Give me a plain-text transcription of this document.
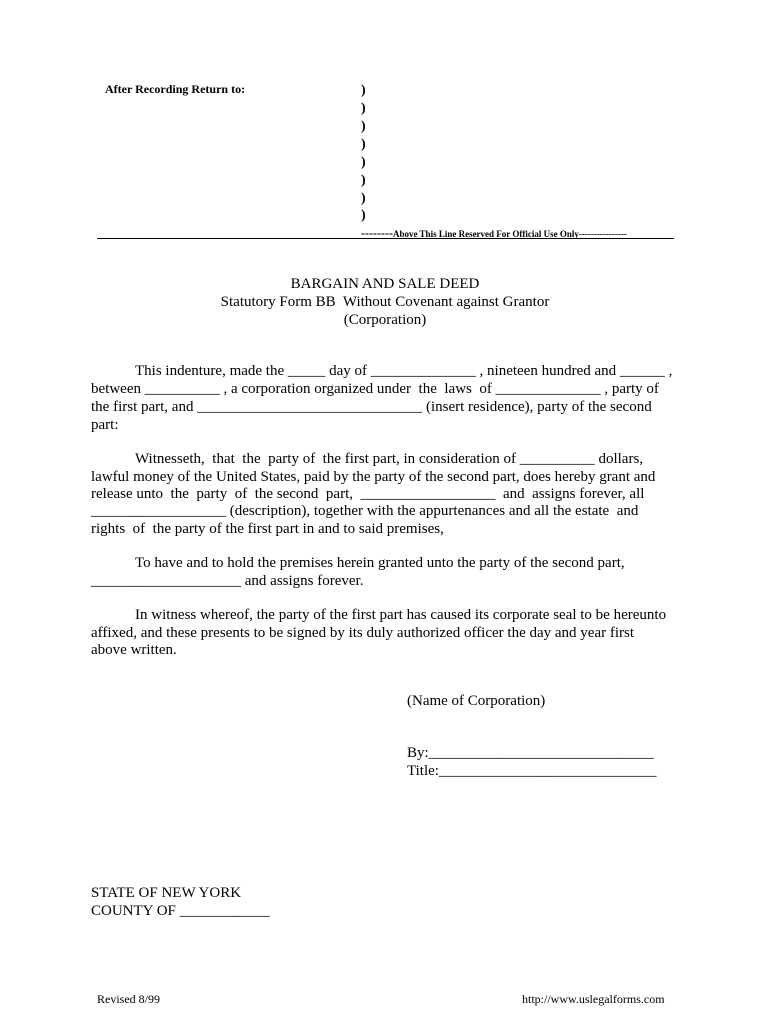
After Recording Return to:	)
)
)
)
)
)
)
)
--------Above This Line Reserved For Official Use Only----------------
BARGAIN AND SALE DEED
Statutory Form BB  Without Covenant against Grantor
(Corporation)
This indenture, made the _____ day of ______________ , nineteen hundred and ______ ,
between __________ , a corporation organized under  the  laws  of ______________ , party of
the first part, and ______________________________ (insert residence), party of the second
part:
Witnesseth,  that  the  party of  the first part, in consideration of __________ dollars,
lawful money of the United States, paid by the party of the second part, does hereby grant and
release unto  the  party  of  the second  part,  __________________  and  assigns forever, all
__________________ (description), together with the appurtenances and all the estate  and
rights  of  the party of the first part in and to said premises,
To have and to hold the premises herein granted unto the party of the second part,
____________________ and assigns forever.
In witness whereof, the party of the first part has caused its corporate seal to be hereunto
affixed, and these presents to be signed by its duly authorized officer the day and year first
above written.
(Name of Corporation)
By:______________________________
Title:_____________________________
STATE OF NEW YORK
COUNTY OF ____________
Revised 8/99	http://www.uslegalforms.com
